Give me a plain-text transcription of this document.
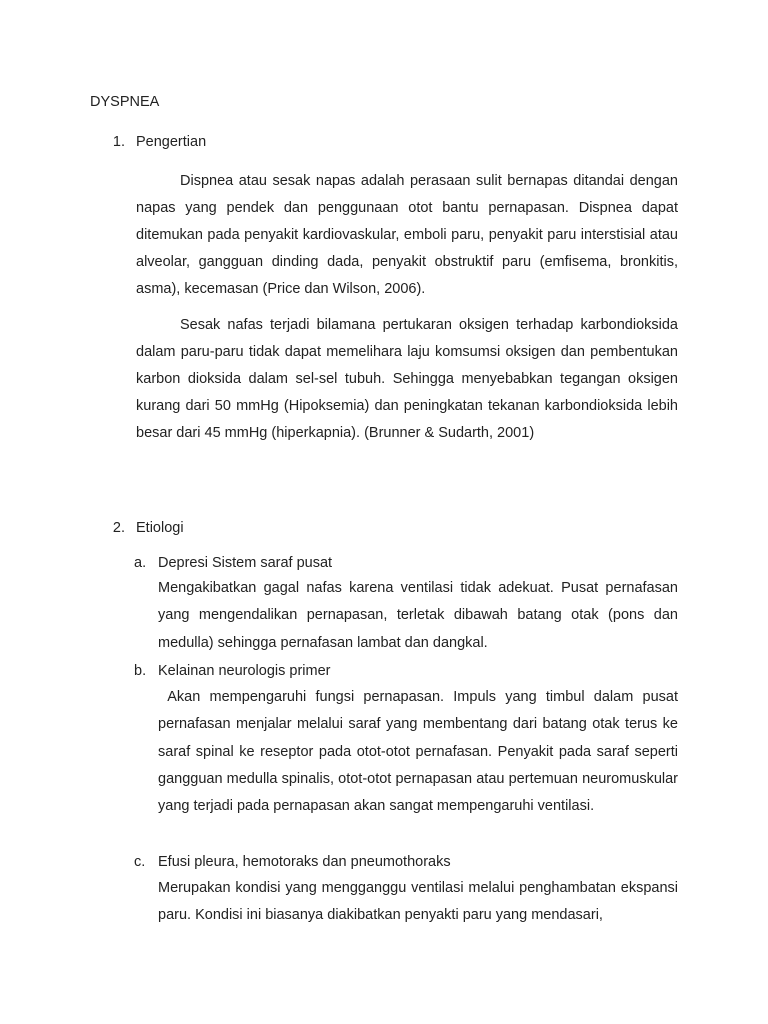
DYSPNEA
1. Pengertian

Dispnea atau sesak napas adalah perasaan sulit bernapas ditandai dengan napas yang pendek dan penggunaan otot bantu pernapasan. Dispnea dapat ditemukan pada penyakit kardiovaskular, emboli paru, penyakit paru interstisial atau alveolar, gangguan dinding dada, penyakit obstruktif paru (emfisema, bronkitis, asma), kecemasan (Price dan Wilson, 2006).

Sesak nafas terjadi bilamana pertukaran oksigen terhadap karbondioksida dalam paru-paru tidak dapat memelihara laju komsumsi oksigen dan pembentukan karbon dioksida dalam sel-sel tubuh. Sehingga menyebabkan tegangan oksigen kurang dari 50 mmHg (Hipoksemia) dan peningkatan tekanan karbondioksida lebih besar dari 45 mmHg (hiperkapnia). (Brunner & Sudarth, 2001)

2. Etiologi
a. Depresi Sistem saraf pusat

Mengakibatkan gagal nafas karena ventilasi tidak adekuat. Pusat pernafasan yang mengendalikan pernapasan, terletak dibawah batang otak (pons dan medulla) sehingga pernafasan lambat dan dangkal.

b. Kelainan neurologis primer

Akan mempengaruhi fungsi pernapasan. Impuls yang timbul dalam pusat pernafasan menjalar melalui saraf yang membentang dari batang otak terus ke saraf spinal ke reseptor pada otot-otot pernafasan. Penyakit pada saraf seperti gangguan medulla spinalis, otot-otot pernapasan atau pertemuan neuromuskular yang terjadi pada pernapasan akan sangat mempengaruhi ventilasi.

c. Efusi pleura, hemotoraks dan pneumothoraks

Merupakan kondisi yang mengganggu ventilasi melalui penghambatan ekspansi paru. Kondisi ini biasanya diakibatkan penyakti paru yang mendasari,
